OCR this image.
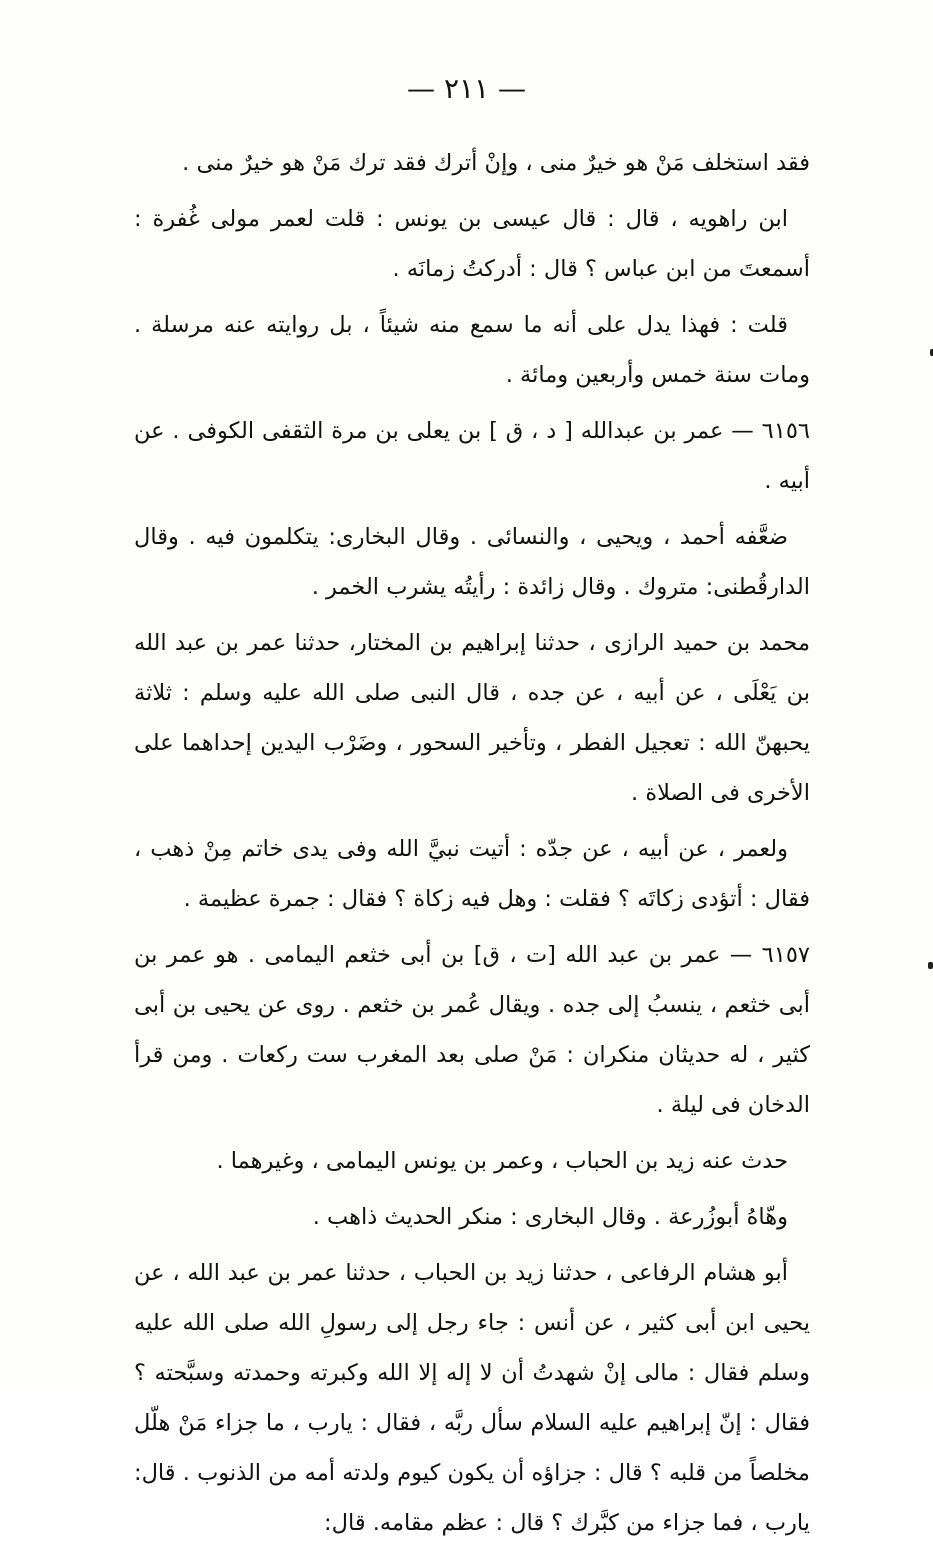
— ٢١١ —

فقد استخلف مَنْ هو خيرٌ منى ، وإنْ أترك فقد ترك مَنْ هو خيرٌ منى .

ابن راهويه ، قال : قال عيسى بن يونس : قلت لعمر مولى غُفرة : أسمعتَ من ابن عباس ؟ قال : أدركتُ زمانَه .

قلت : فهذا يدل على أنه ما سمع منه شيئاً ، بل روايته عنه مرسلة . ومات سنة خمس وأربعين ومائة .

٦١٥٦ — عمر بن عبدالله [ د ، ق ] بن يعلى بن مرة الثقفى الكوفى . عن أبيه .

ضعَّفه أحمد ، ويحيى ، والنسائى . وقال البخارى: يتكلمون فيه . وقال الدارقُطنى: متروك . وقال زائدة : رأيتُه يشرب الخمر .

محمد بن حميد الرازى ، حدثنا إبراهيم بن المختار، حدثنا عمر بن عبد الله بن يَعْلَى ، عن أبيه ، عن جده ، قال النبى صلى الله عليه وسلم : ثلاثة يحبهنّ الله : تعجيل الفطر ، وتأخير السحور ، وضَرْب اليدين إحداهما على الأخرى فى الصلاة .

ولعمر ، عن أبيه ، عن جدّه : أتيت نبيَّ الله وفى يدى خاتم مِنْ ذهب ، فقال : أتؤدى زكاتَه ؟ فقلت : وهل فيه زكاة ؟ فقال : جمرة عظيمة .

٦١٥٧ — عمر بن عبد الله [ت ، ق] بن أبى خثعم اليمامى . هو عمر بن أبى خثعم ، ينسبُ إلى جده . ويقال عُمر بن خثعم . روى عن يحيى بن أبى كثير ، له حديثان منكران : مَنْ صلى بعد المغرب ست ركعات . ومن قرأ الدخان فى ليلة .

حدث عنه زيد بن الحباب ، وعمر بن يونس اليمامى ، وغيرهما .

وهّاهُ أبوزُرعة . وقال البخارى : منكر الحديث ذاهب .

أبو هشام الرفاعى ، حدثنا زيد بن الحباب ، حدثنا عمر بن عبد الله ، عن يحيى ابن أبى كثير ، عن أنس : جاء رجل إلى رسولِ الله صلى الله عليه وسلم فقال : مالى إنْ شهدتُ أن لا إله إلا الله وكبرته وحمدته وسبَّحته ؟ فقال : إنّ إبراهيم عليه السلام سأل ربَّه ، فقال : يارب ، ما جزاء مَنْ هلّل مخلصاً من قلبه ؟ قال : جزاؤه أن يكون كيوم ولدته أمه من الذنوب . قال: يارب ، فما جزاء من كبَّرك ؟ قال : عظم مقامه. قال:
